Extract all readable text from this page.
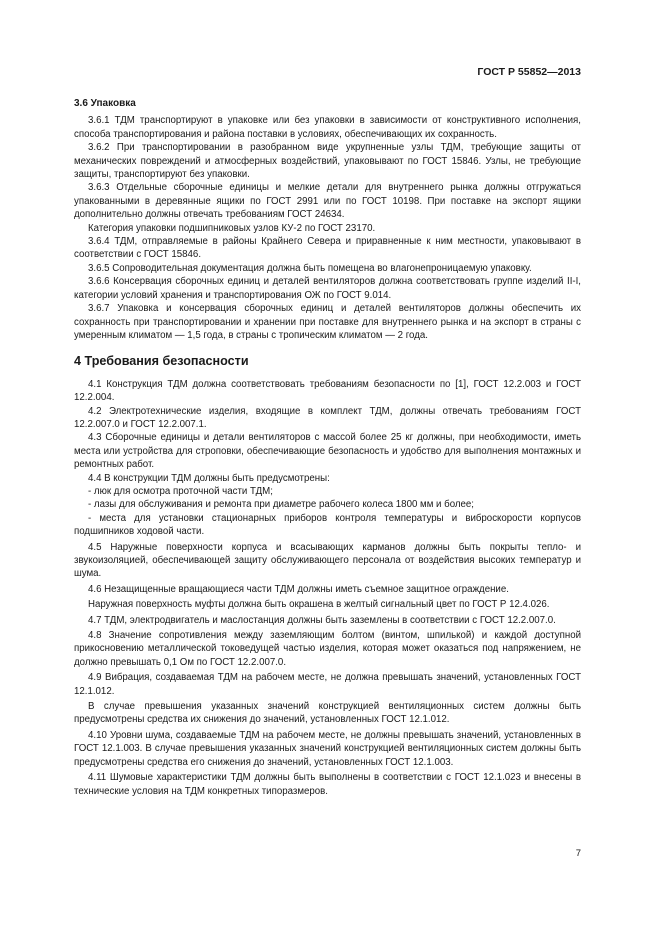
ГОСТ Р 55852—2013
3.6 Упаковка

3.6.1 ТДМ транспортируют в упаковке или без упаковки в зависимости от конструктивного исполнения, способа транспортирования и района поставки в условиях, обеспечивающих их сохранность.

3.6.2 При транспортировании в разобранном виде укрупненные узлы ТДМ, требующие защиты от механических повреждений и атмосферных воздействий, упаковывают по ГОСТ 15846. Узлы, не требующие защиты, транспортируют без упаковки.

3.6.3 Отдельные сборочные единицы и мелкие детали для внутреннего рынка должны отгружаться упакованными в деревянные ящики по ГОСТ 2991 или по ГОСТ 10198. При поставке на экспорт ящики дополнительно должны отвечать требованиям ГОСТ 24634.

Категория упаковки подшипниковых узлов КУ-2 по ГОСТ 23170.

3.6.4 ТДМ, отправляемые в районы Крайнего Севера и приравненные к ним местности, упаковывают в соответствии с ГОСТ 15846.

3.6.5 Сопроводительная документация должна быть помещена во влагонепроницаемую упаковку.

3.6.6 Консервация сборочных единиц и деталей вентиляторов должна соответствовать группе изделий II-I, категории условий хранения и транспортирования ОЖ по ГОСТ 9.014.

3.6.7 Упаковка и консервация сборочных единиц и деталей вентиляторов должны обеспечить их сохранность при транспортировании и хранении при поставке для внутреннего рынка и на экспорт в страны с умеренным климатом — 1,5 года, в страны с тропическим климатом — 2 года.

4 Требования безопасности

4.1 Конструкция ТДМ должна соответствовать требованиям безопасности по [1], ГОСТ 12.2.003 и ГОСТ 12.2.004.

4.2 Электротехнические изделия, входящие в комплект ТДМ, должны отвечать требованиям ГОСТ 12.2.007.0 и ГОСТ 12.2.007.1.

4.3 Сборочные единицы и детали вентиляторов с массой более 25 кг должны, при необходимости, иметь места или устройства для строповки, обеспечивающие безопасность и удобство для выполнения монтажных и ремонтных работ.

4.4 В конструкции ТДМ должны быть предусмотрены:

- люк для осмотра проточной части ТДМ;

- лазы для обслуживания и ремонта при диаметре рабочего колеса 1800 мм и более;

- места для установки стационарных приборов контроля температуры и виброскорости корпусов подшипников ходовой части.

4.5 Наружные поверхности корпуса и всасывающих карманов должны быть покрыты тепло- и звукоизоляцией, обеспечивающей защиту обслуживающего персонала от воздействия высоких температур и шума.

4.6 Незащищенные вращающиеся части ТДМ должны иметь съемное защитное ограждение.

Наружная поверхность муфты должна быть окрашена в желтый сигнальный цвет по ГОСТ Р 12.4.026.

4.7 ТДМ, электродвигатель и маслостанция должны быть заземлены в соответствии с ГОСТ 12.2.007.0.

4.8 Значение сопротивления между заземляющим болтом (винтом, шпилькой) и каждой доступной прикосновению металлической токоведущей частью изделия, которая может оказаться под напряжением, не должно превышать 0,1 Ом по ГОСТ 12.2.007.0.

4.9 Вибрация, создаваемая ТДМ на рабочем месте, не должна превышать значений, установленных ГОСТ 12.1.012.

В случае превышения указанных значений конструкцией вентиляционных систем должны быть предусмотрены средства их снижения до значений, установленных ГОСТ 12.1.012.

4.10 Уровни шума, создаваемые ТДМ на рабочем месте, не должны превышать значений, установленных в ГОСТ 12.1.003. В случае превышения указанных значений конструкцией вентиляционных систем должны быть предусмотрены средства его снижения до значений, установленных ГОСТ 12.1.003.

4.11 Шумовые характеристики ТДМ должны быть выполнены в соответствии с ГОСТ 12.1.023 и внесены в технические условия на ТДМ конкретных типоразмеров.

7
